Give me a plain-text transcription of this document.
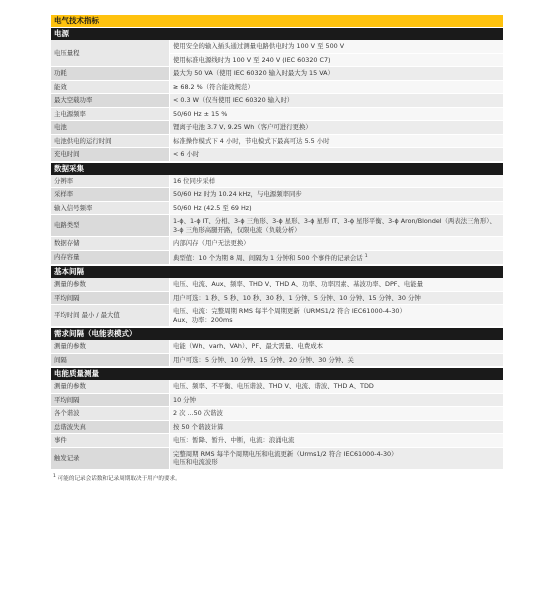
电气技术指标
电源
电压量程	使用安全的输入插头通过测量电路供电时为 100 V 至 500 V
使用标准电源线时为 100 V 至 240 V (IEC 60320 C7)

功耗	最大为 50 VA（使用 IEC 60320 输入时最大为 15 VA）
能效	≥ 68.2 %（符合能效规范）
最大空载功率	< 0.3 W（仅当使用 IEC 60320 输入时）
主电源频率	50/60 Hz ± 15 %
电池	锂离子电池 3.7 V, 9.25 Wh（客户可进行更换）
电池供电的运行时间	标准操作模式下 4 小时，节电模式下最高可达 5.5 小时
充电时间	< 6 小时
数据采集
分辨率	16 位同步采样
采样率	50/60 Hz 时为 10.24 kHz，与电源频率同步
输入信号频率	50/60 Hz (42.5 至 69 Hz)
电路类型	1-ϕ、1-ϕ IT、分相、3-ϕ 三角形、3-ϕ 星形、3-ϕ 星形 IT、3-ϕ 星形平衡、3-ϕ Aron/Blondel（两表法三角形）、3-ϕ 三角形高腿开路，仅限电流（负载分析）
数据存储	内部闪存（用户无法更换）
内存容量	典型值：10 个为期 8 周、间隔为 1 分钟和 500 个事件的记录会话 $^1$
基本间隔
测量的参数	电压、电流、Aux、频率、THD V、THD A、功率、功率因素、基波功率、DPF、电能量
平均间隔	用户可选：1 秒、5 秒、10 秒、30 秒、1 分钟、5 分钟、10 分钟、15 分钟、30 分钟
平均时间 最小 / 最大值	电压、电流：完整周期 RMS 每半个周期更新（URMS1/2 符合 IEC61000-4-30）
Aux、功率：200ms
需求间隔（电能表模式）
测量的参数	电能（Wh、varh、VAh）、PF、最大需量、电费成本
间隔	用户可选：5 分钟、10 分钟、15 分钟、20 分钟、30 分钟、关
电能质量测量
测量的参数	电压、频率、不平衡、电压谐波、THD V、电流、谐波、THD A、TDD
平均间隔	10 分钟
各个谐波	2 次 ...50 次谐波
总谐波失真	按 50 个谐波计算
事件	电压：暂降、暂升、中断，电流：浪涌电流
触发记录	完整周期 RMS 每半个周期电压和电流更新（Urms1/2 符合 IEC61000-4-30）
电压和电流波形
$^1$ 可能的记录会话数和记录周期取决于用户的要求。
